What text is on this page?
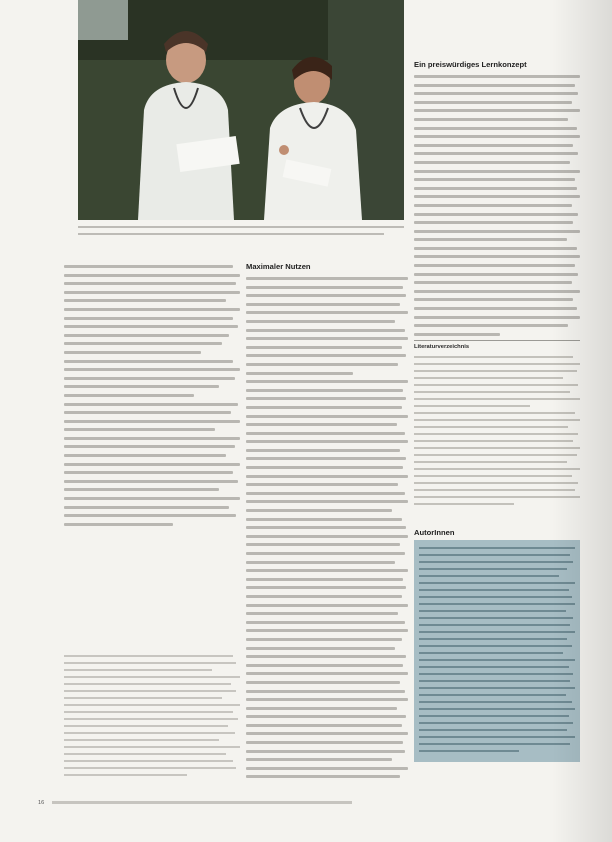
Maximaler Nutzen
Ein preiswürdiges Lernkonzept
Literaturverzeichnis
AutorInnen
16
